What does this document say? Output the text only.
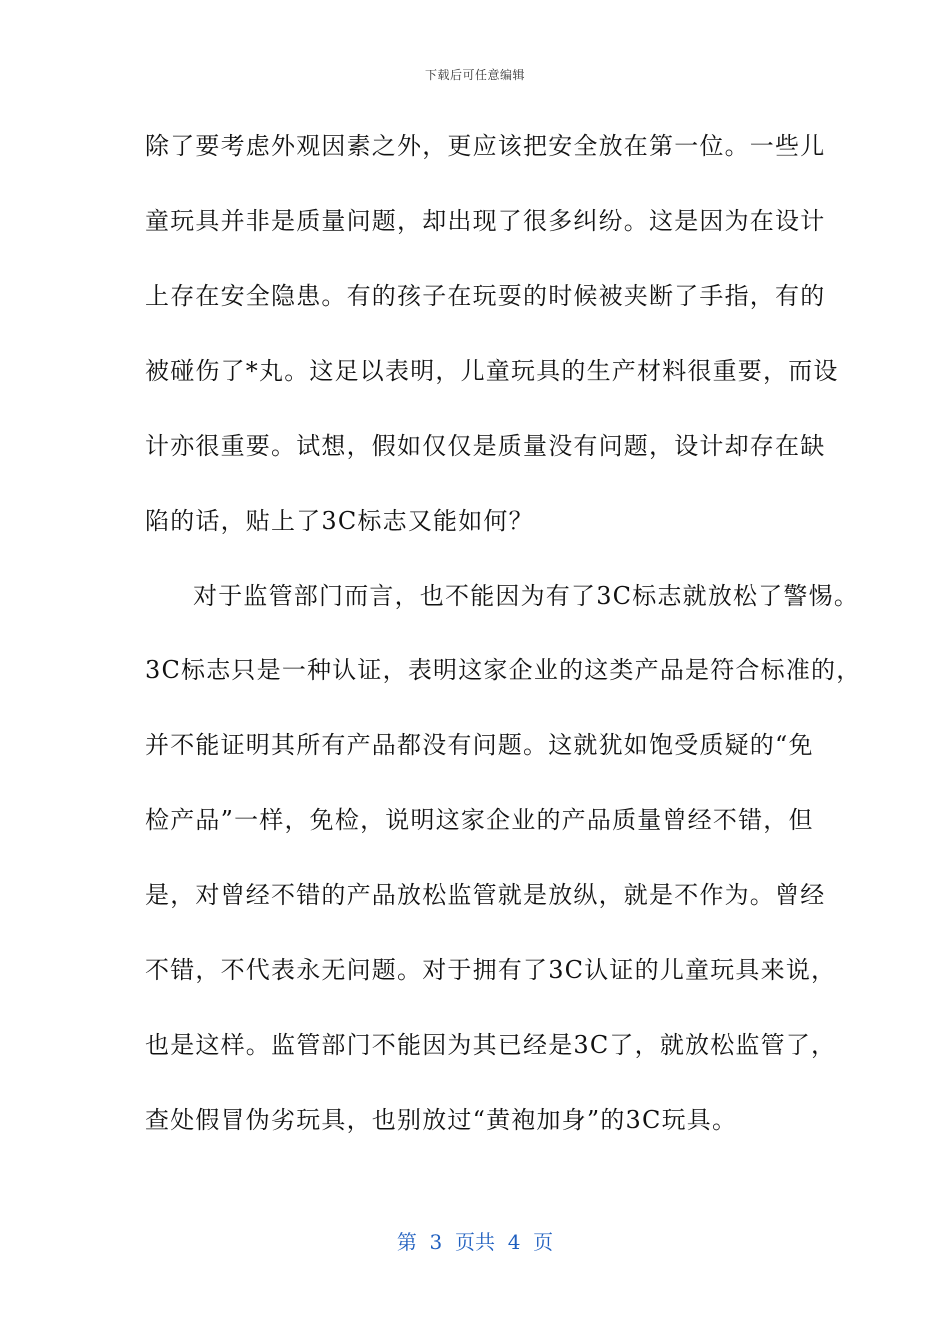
下载后可任意编辑
除了要考虑外观因素之外，更应该把安全放在第一位。一些儿
童玩具并非是质量问题，却出现了很多纠纷。这是因为在设计
上存在安全隐患。有的孩子在玩耍的时候被夹断了手指，有的
被碰伤了*丸。这足以表明，儿童玩具的生产材料很重要，而设
计亦很重要。试想，假如仅仅是质量没有问题，设计却存在缺
陷的话，贴上了3C标志又能如何？
对于监管部门而言，也不能因为有了3C标志就放松了警惕。
3C标志只是一种认证，表明这家企业的这类产品是符合标准的，
并不能证明其所有产品都没有问题。这就犹如饱受质疑的“免
检产品”一样，免检，说明这家企业的产品质量曾经不错，但
是，对曾经不错的产品放松监管就是放纵，就是不作为。曾经
不错，不代表永无问题。对于拥有了3C认证的儿童玩具来说，
也是这样。监管部门不能因为其已经是3C了，就放松监管了，
查处假冒伪劣玩具，也别放过“黄袍加身”的3C玩具。
第  3  页共  4  页
